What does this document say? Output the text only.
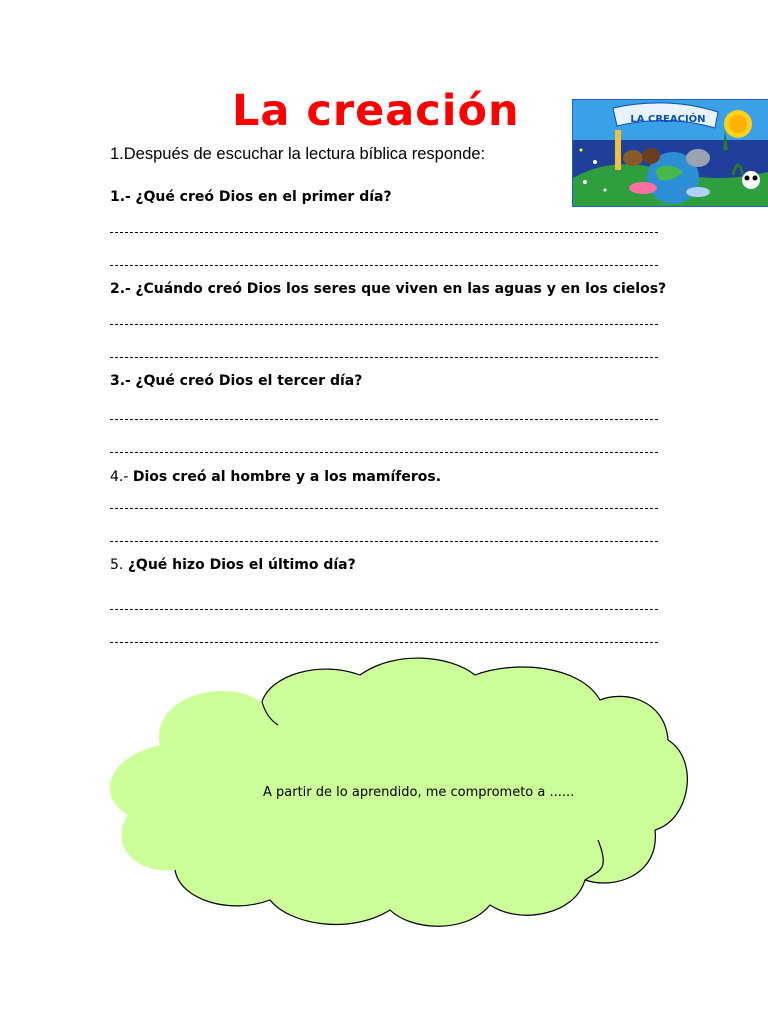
La creación	LA CREACIÓN
1.Después de escuchar la lectura bíblica responde:
1.- ¿Qué creó Dios en el primer día?
2.- ¿Cuándo creó Dios los seres que viven en las aguas y en los cielos?
3.- ¿Qué creó Dios el tercer día?
4.- Dios creó al hombre y a los mamíferos.
5. ¿Qué hizo Dios el último día?
A partir de lo aprendido, me comprometo a ......
